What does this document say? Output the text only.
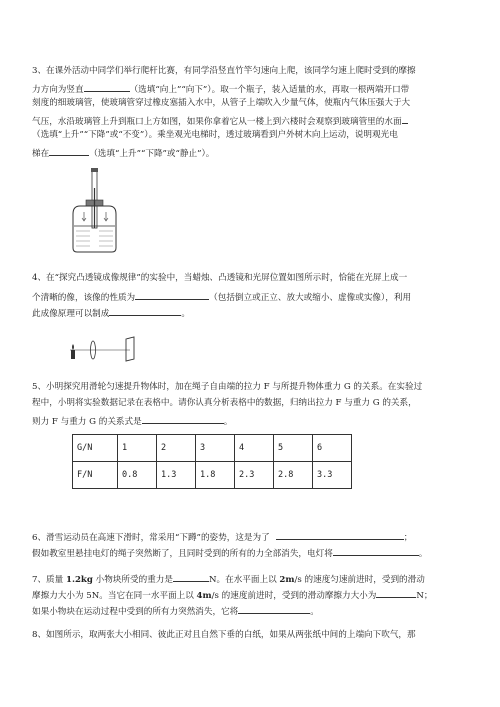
3、在课外活动中同学们举行爬杆比赛，有同学沿竖直竹竿匀速向上爬，该同学匀速上爬时受到的摩擦
力方向为竖直	（选填“向上”“向下”）。取一个瓶子，装入适量的水，再取一根两端开口带
刻度的细玻璃管，使玻璃管穿过橡皮塞插入水中，从管子上端吹入少量气体，使瓶内气体压强大于大
气压，水沿玻璃管上升到瓶口上方如图，如果你拿着它从一楼上到六楼时会观察到玻璃管里的水面
（选填“上升”“下降”或“不变”）。乘坐观光电梯时，透过玻璃看到户外树木向上运动，说明观光电
梯在	（选填“上升”“下降”或“静止”）。
4、在“探究凸透镜成像规律”的实验中，当蜡烛、凸透镜和光屏位置如图所示时，恰能在光屏上成一
个清晰的像，该像的性质为	（包括倒立或正立、放大或缩小、虚像或实像），利用
此成像原理可以制成	。
5、小明探究用滑轮匀速提升物体时，加在绳子自由端的拉力 F 与所提升物体重力 G 的关系。在实验过
程中，小明将实验数据记录在表格中。请你认真分析表格中的数据，归纳出拉力 F 与重力 G 的关系，
则力 F 与重力 G 的关系式是	。
G/N	1	2	3	4	5	6
F/N	0.8	1.3	1.8	2.3	2.8	3.3
6、滑雪运动员在高速下滑时，常采用“下蹲”的姿势，这是为了	；
假如教室里悬挂电灯的绳子突然断了，且同时受到的所有的力全部消失，电灯将	。
7、质量 1.2kg 小物块所受的重力是	N。在水平面上以 2m/s 的速度匀速前进时，受到的滑动
摩擦力大小为 5N。当它在同一水平面上以 4m/s 的速度前进时，受到的滑动摩擦力大小为	N；
如果小物块在运动过程中受到的所有力突然消失，它将	。
8、如图所示，取两张大小相同、彼此正对且自然下垂的白纸，如果从两张纸中间的上端向下吹气，那
